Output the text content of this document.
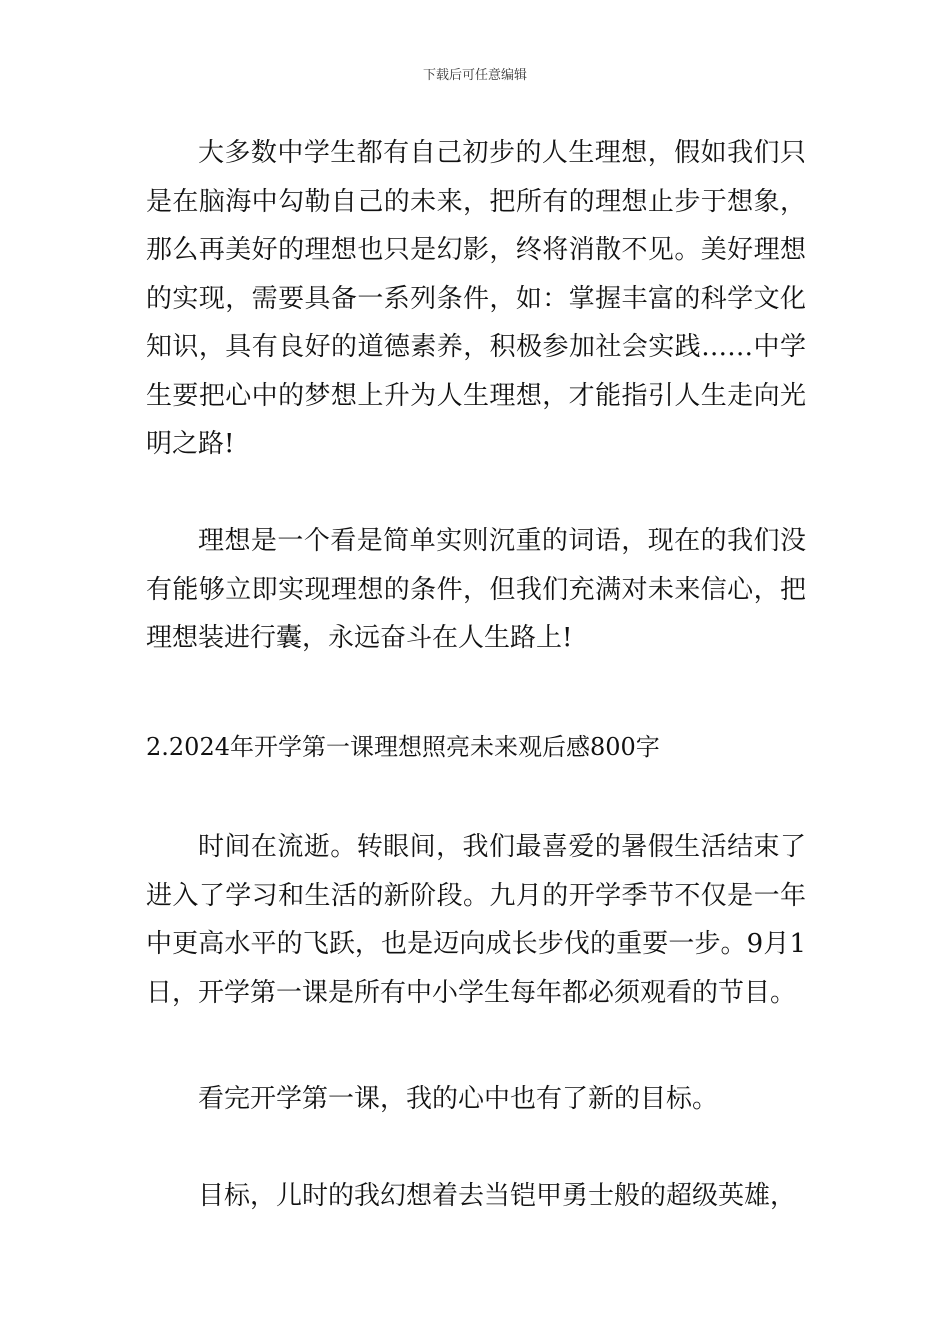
下载后可任意编辑

大多数中学生都有自己初步的人生理想，假如我们只是在脑海中勾勒自己的未来，把所有的理想止步于想象，那么再美好的理想也只是幻影，终将消散不见。美好理想的实现，需要具备一系列条件，如：掌握丰富的科学文化知识，具有良好的道德素养，积极参加社会实践……中学生要把心中的梦想上升为人生理想，才能指引人生走向光明之路!

理想是一个看是简单实则沉重的词语，现在的我们没有能够立即实现理想的条件，但我们充满对未来信心，把理想装进行囊，永远奋斗在人生路上!

2.2024年开学第一课理想照亮未来观后感800字

时间在流逝。转眼间，我们最喜爱的暑假生活结束了进入了学习和生活的新阶段。九月的开学季节不仅是一年中更高水平的飞跃，也是迈向成长步伐的重要一步。9月1日，开学第一课是所有中小学生每年都必须观看的节目。

看完开学第一课，我的心中也有了新的目标。

目标，儿时的我幻想着去当铠甲勇士般的超级英雄，
